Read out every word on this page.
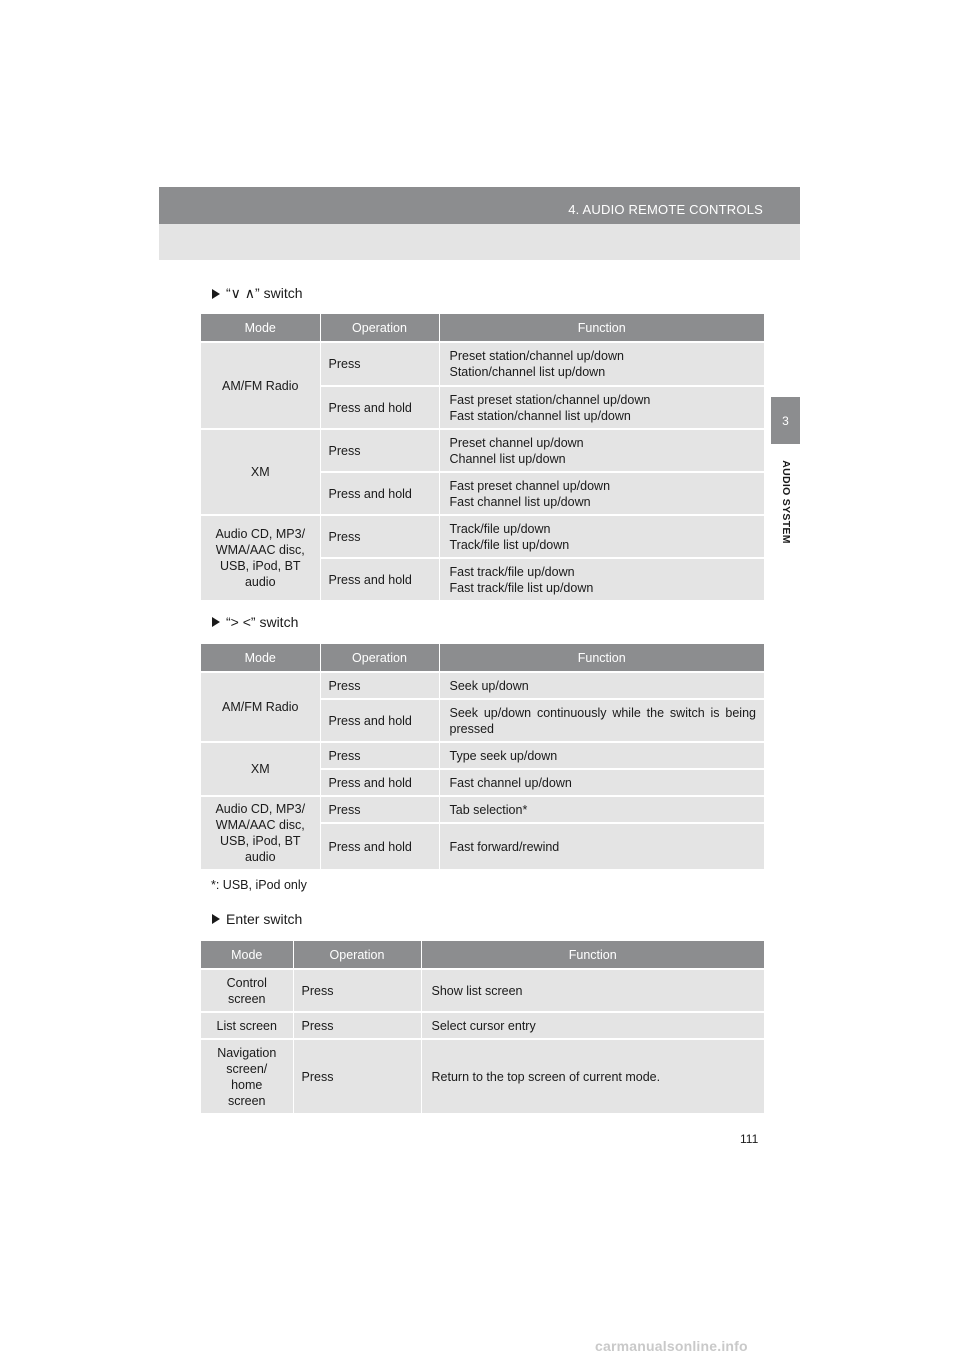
4. AUDIO REMOTE CONTROLS
3
AUDIO SYSTEM
“∨ ∧” switch
Mode	Operation	Function
AM/FM Radio	Press	Preset station/channel up/down
Station/channel list up/down

	Press and hold	Fast preset station/channel up/down
Fast station/channel list up/down

XM	Press	Preset channel up/down
Channel list up/down

	Press and hold	Fast preset channel up/down
Fast channel list up/down

Audio CD, MP3/
WMA/AAC disc,
USB, iPod, BT
audio	Press	Track/file up/down
Track/file list up/down

	Press and hold	Fast track/file up/down
Fast track/file list up/down
“> <” switch
Mode	Operation	Function
AM/FM Radio	Press	Seek up/down
	Press and hold	Seek up/down continuously while the switch is being pressed
XM	Press	Type seek up/down
	Press and hold	Fast channel up/down

Audio CD, MP3/
WMA/AAC disc,
USB, iPod, BT
audio	Press	Tab selection*
	Press and hold	Fast forward/rewind
*: USB, iPod only
Enter switch
Mode	Operation	Function

Control
screen	Press	Show list screen
List screen	Press	Select cursor entry

Navigation
screen/
home
screen	Press	Return to the top screen of current mode.
111
carmanualsonline.info
